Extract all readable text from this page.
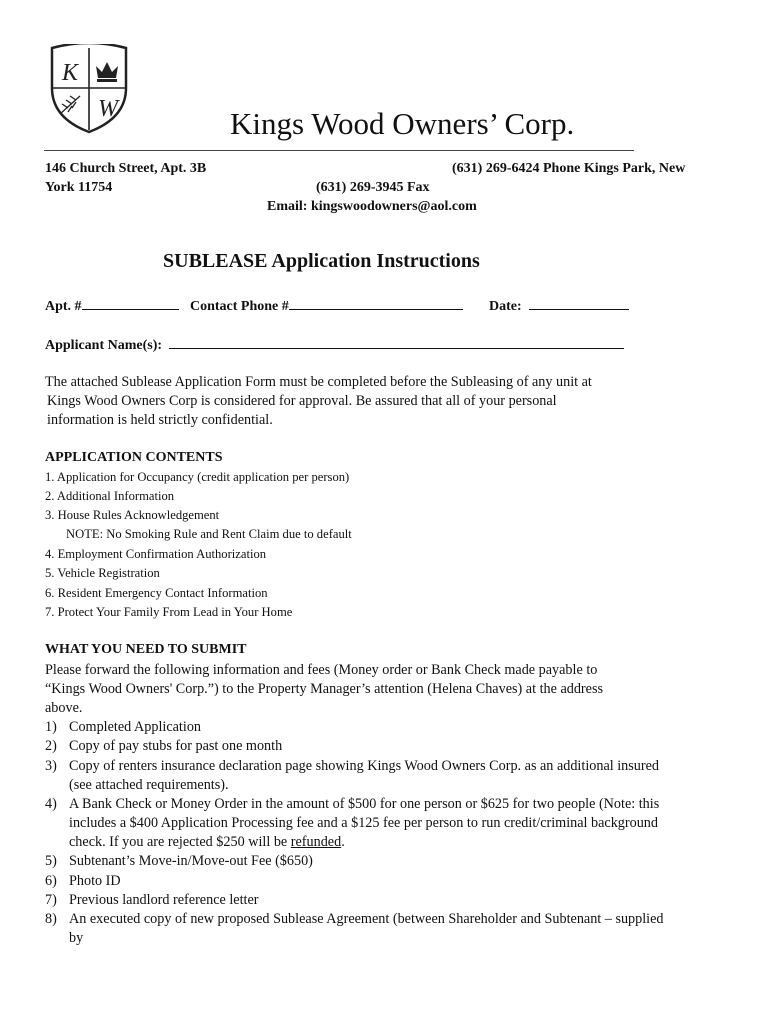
K
W	Kings Wood Owners’ Corp.
146 Church Street, Apt. 3B	(631) 269-6424 Phone Kings Park, New
York 11754	(631) 269-3945 Fax
Email: kingswoodowners@aol.com
SUBLEASE Application Instructions
Apt. #	Contact Phone #	Date:
Applicant Name(s):
The attached Sublease Application Form must be completed before the Subleasing of any unit at
Kings Wood Owners Corp is considered for approval. Be assured that all of your personal
information is held strictly confidential.
APPLICATION CONTENTS
1. Application for Occupancy (credit application per person)
2. Additional Information
3. House Rules Acknowledgement
NOTE: No Smoking Rule and Rent Claim due to default
4. Employment Confirmation Authorization
5. Vehicle Registration
6. Resident Emergency Contact Information
7. Protect Your Family From Lead in Your Home
WHAT YOU NEED TO SUBMIT
Please forward the following information and fees (Money order or Bank Check made payable to
“Kings Wood Owners' Corp.”) to the Property Manager’s attention (Helena Chaves) at the address
above.
1) Completed Application
2) Copy of pay stubs for past one month
3) Copy of renters insurance declaration page showing Kings Wood Owners Corp. as an additional insured
(see attached requirements).
4) A Bank Check or Money Order in the amount of $500 for one person or $625 for two people (Note: this
includes a $400 Application Processing fee and a $125 fee per person to run credit/criminal background
check. If you are rejected $250 will be refunded.
5) Subtenant’s Move-in/Move-out Fee ($650)
6) Photo ID
7) Previous landlord reference letter
8) An executed copy of new proposed Sublease Agreement (between Shareholder and Subtenant – supplied
by
